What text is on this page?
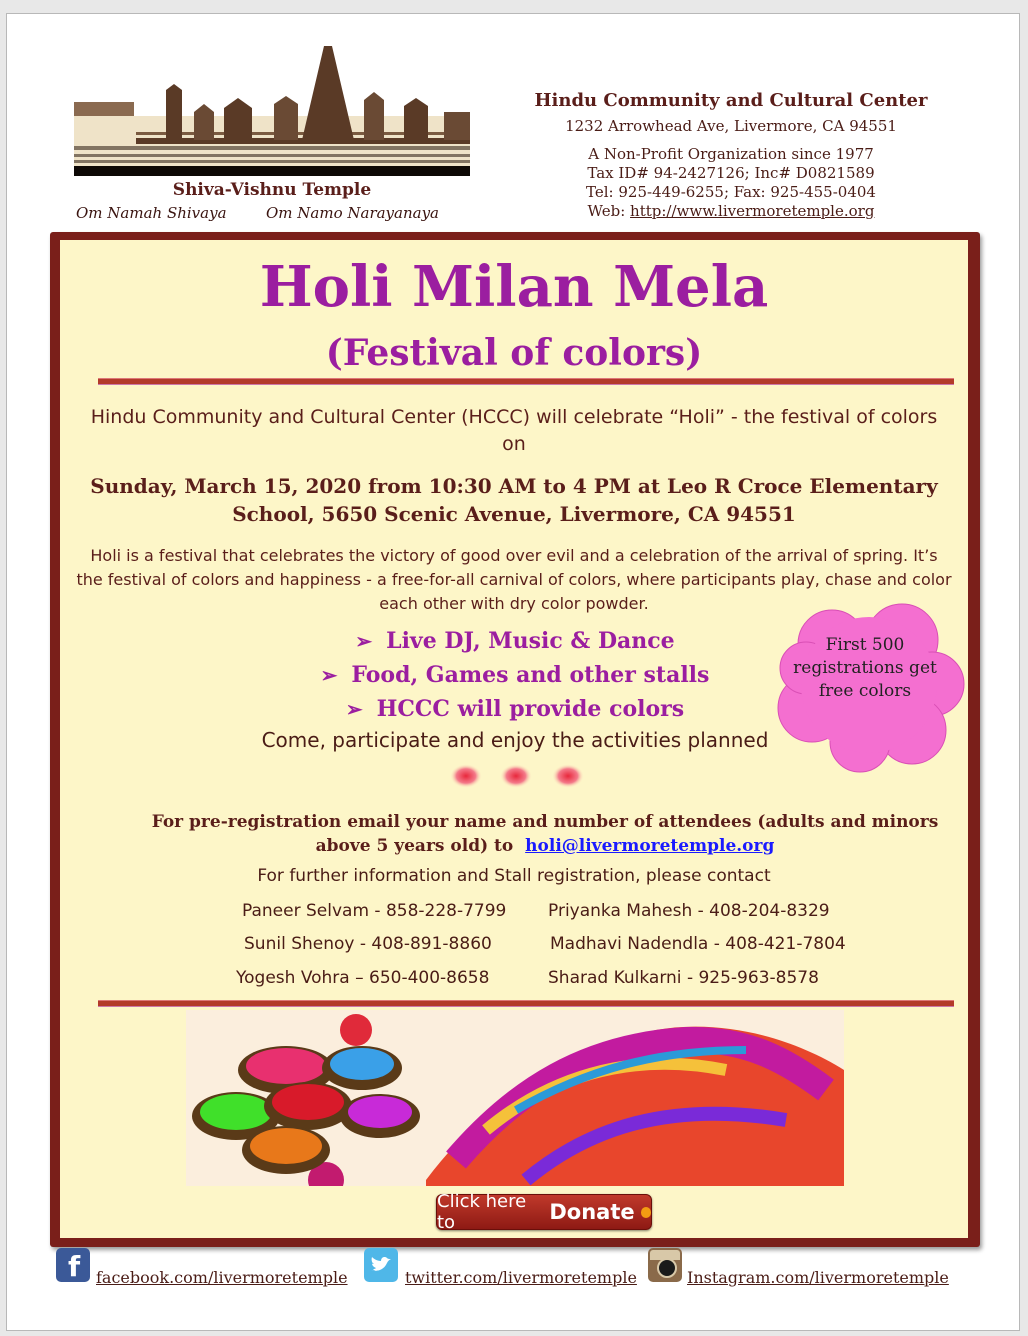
Shiva-Vishnu Temple
Om Namah Shivaya	Om Namo Narayanaya
Hindu Community and Cultural Center
1232 Arrowhead Ave, Livermore, CA 94551
A Non-Profit Organization since 1977
Tax ID# 94-2427126; Inc# D0821589
Tel: 925-449-6255; Fax: 925-455-0404
Web: http://www.livermoretemple.org
Holi Milan Mela
(Festival of colors)
Hindu Community and Cultural Center (HCCC) will celebrate “Holi” - the festival of colors on
Sunday, March 15, 2020 from 10:30 AM to 4 PM at Leo R Croce Elementary School, 5650 Scenic Avenue, Livermore, CA 94551
Holi is a festival that celebrates the victory of good over evil and a celebration of the arrival of spring. It’s the festival of colors and happiness - a free-for-all carnival of colors, where participants play, chase and color each other with dry color powder.
➢ Live DJ, Music & Dance
➢ Food, Games and other stalls
➢ HCCC will provide colors
Come, participate and enjoy the activities planned
First 500 registrations get free colors
For pre-registration email your name and number of attendees (adults and minors above 5 years old) to holi@livermoretemple.org
For further information and Stall registration, please contact
Paneer Selvam - 858-228-7799 Priyanka Mahesh - 408-204-8329
Sunil Shenoy - 408-891-8860	Madhavi Nadendla - 408-421-7804
Yogesh Vohra – 650-400-8658	Sharad Kulkarni - 925-963-8578
Click here to	Donate
f facebook.com/livermoretemple	twitter.com/livermoretemple	Instagram.com/livermoretemple
